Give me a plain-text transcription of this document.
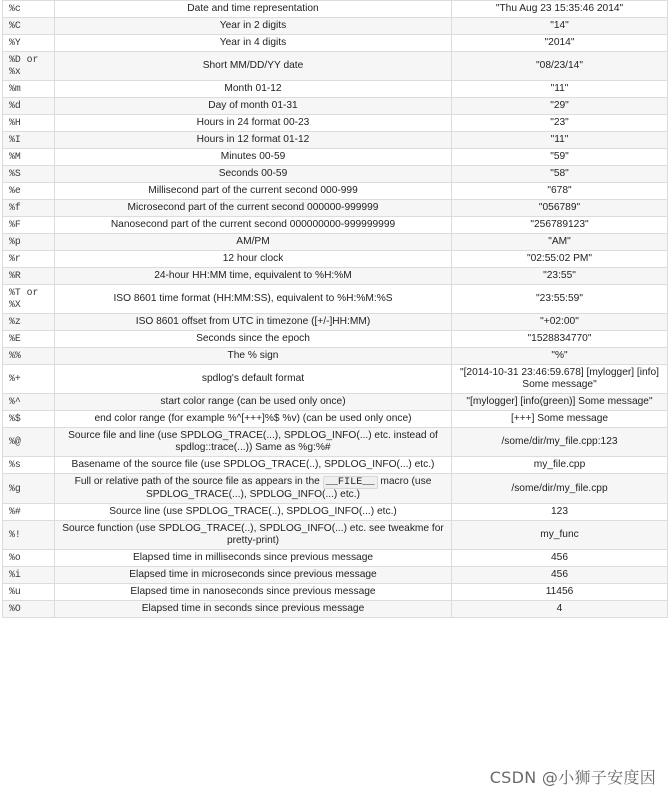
%c	Date and time representation	"Thu Aug 23 15:35:46 2014"
%C	Year in 2 digits	"14"
%Y	Year in 4 digits	"2014"
%D or %x	Short MM/DD/YY date	"08/23/14"
%m	Month 01-12	"11"
%d	Day of month 01-31	"29"
%H	Hours in 24 format 00-23	"23"
%I	Hours in 12 format 01-12	"11"
%M	Minutes 00-59	"59"
%S	Seconds 00-59	"58"
%e	Millisecond part of the current second 000-999	"678"
%f	Microsecond part of the current second 000000-999999	"056789"
%F	Nanosecond part of the current second 000000000-999999999	"256789123"
%p	AM/PM	"AM"
%r	12 hour clock	"02:55:02 PM"
%R	24-hour HH:MM time, equivalent to %H:%M	"23:55"
%T or %X	ISO 8601 time format (HH:MM:SS), equivalent to %H:%M:%S	"23:55:59"
%z	ISO 8601 offset from UTC in timezone ([+/-]HH:MM)	"+02:00"
%E	Seconds since the epoch	"1528834770"
%%	The % sign	"%"
%+	spdlog's default format	"[2014-10-31 23:46:59.678] [mylogger] [info] Some message"
%^	start color range (can be used only once)	"[mylogger] [info(green)] Some message"
%$	end color range (for example %^[+++]%$ %v) (can be used only once)	[+++] Some message
%@	Source file and line (use SPDLOG_TRACE(...), SPDLOG_INFO(...) etc. instead of spdlog::trace(...)) Same as %g:%#	/some/dir/my_file.cpp:123
%s	Basename of the source file (use SPDLOG_TRACE(..), SPDLOG_INFO(...) etc.)	my_file.cpp
%g	Full or relative path of the source file as appears in the __FILE__ macro (use SPDLOG_TRACE(...), SPDLOG_INFO(...) etc.)	/some/dir/my_file.cpp
%#	Source line (use SPDLOG_TRACE(..), SPDLOG_INFO(...) etc.)	123
%!	Source function (use SPDLOG_TRACE(..), SPDLOG_INFO(...) etc. see tweakme for pretty-print)	my_func
%o	Elapsed time in milliseconds since previous message	456
%i	Elapsed time in microseconds since previous message	456
%u	Elapsed time in nanoseconds since previous message	11456
%O	Elapsed time in seconds since previous message	4
CSDN @小狮子安度因
